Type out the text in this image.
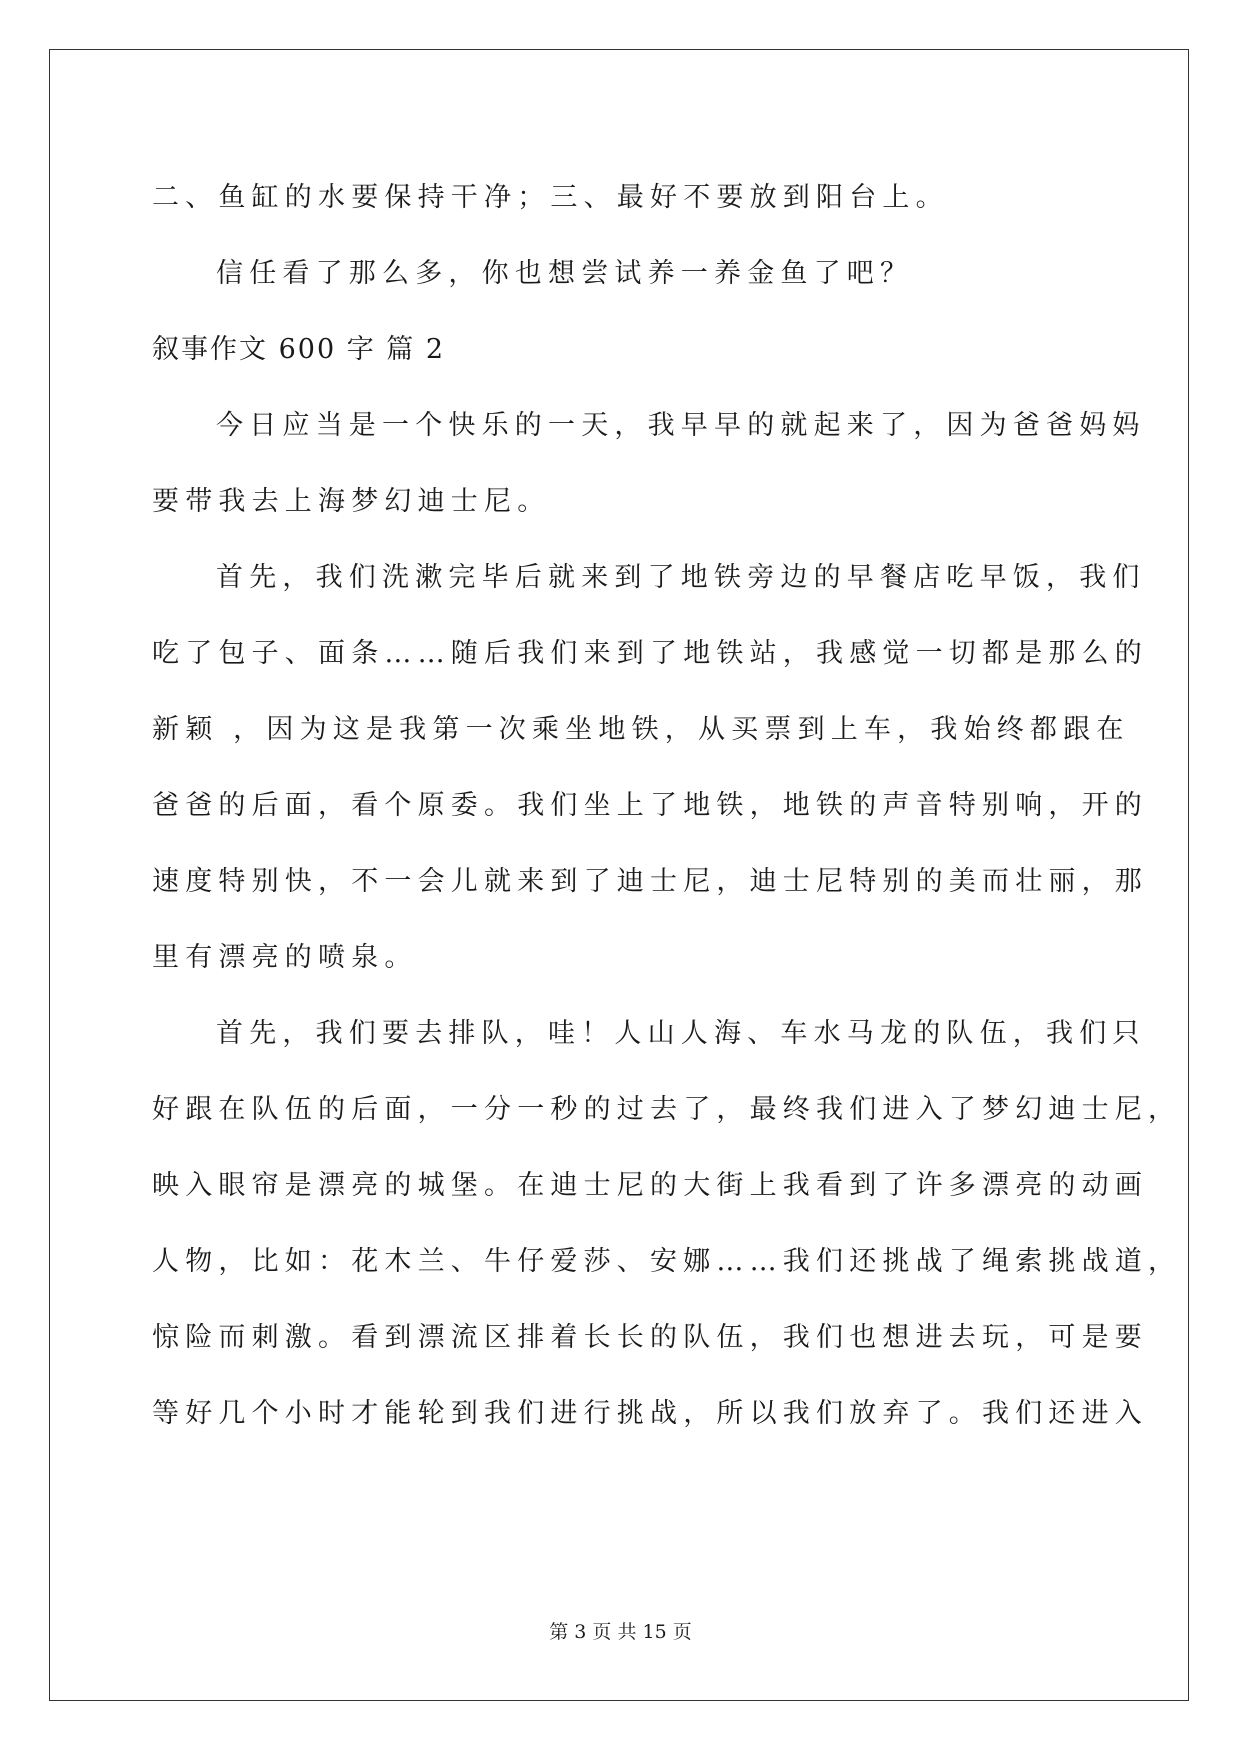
二、鱼缸的水要保持干净；三、最好不要放到阳台上。
信任看了那么多，你也想尝试养一养金鱼了吧？
叙事作文 600 字 篇 2
今日应当是一个快乐的一天，我早早的就起来了，因为爸爸妈妈
要带我去上海梦幻迪士尼。
首先，我们洗漱完毕后就来到了地铁旁边的早餐店吃早饭，我们
吃了包子、面条……随后我们来到了地铁站，我感觉一切都是那么的
新颖 ，因为这是我第一次乘坐地铁，从买票到上车，我始终都跟在
爸爸的后面，看个原委。我们坐上了地铁，地铁的声音特别响，开的
速度特别快，不一会儿就来到了迪士尼，迪士尼特别的美而壮丽，那
里有漂亮的喷泉。
首先，我们要去排队，哇！人山人海、车水马龙的队伍，我们只
好跟在队伍的后面，一分一秒的过去了，最终我们进入了梦幻迪士尼，
映入眼帘是漂亮的城堡。在迪士尼的大街上我看到了许多漂亮的动画
人物，比如：花木兰、牛仔爱莎、安娜……我们还挑战了绳索挑战道，
惊险而刺激。看到漂流区排着长长的队伍，我们也想进去玩，可是要
等好几个小时才能轮到我们进行挑战，所以我们放弃了。我们还进入
第 3 页 共 15 页
